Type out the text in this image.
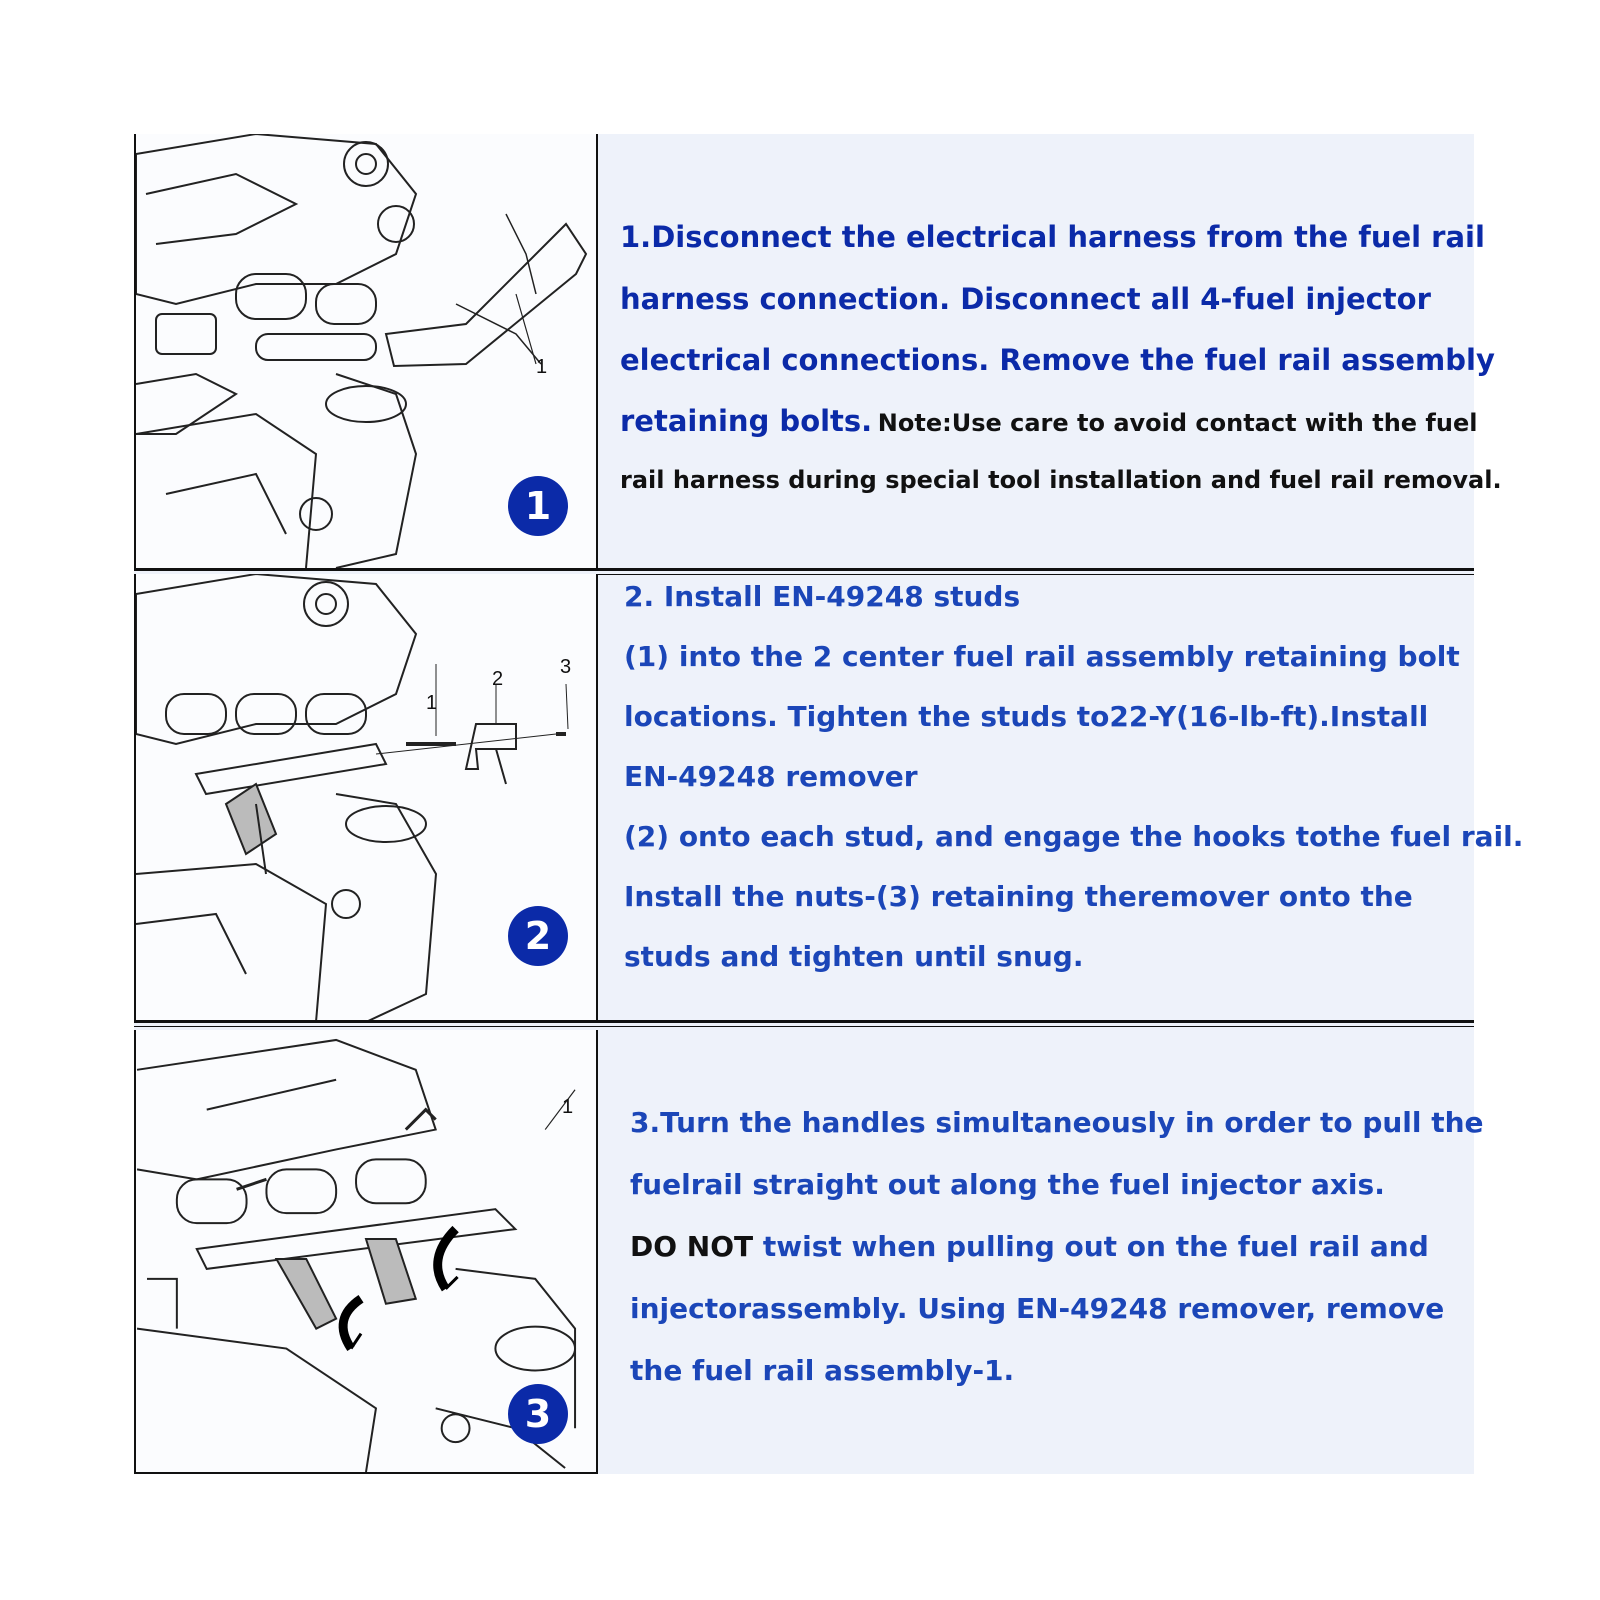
1
1
1.Disconnect the electrical harness from the fuel rail
harness connection. Disconnect all 4-fuel injector
electrical connections. Remove the fuel rail assembly
retaining bolts. Note:Use care to avoid contact with the fuel
rail harness during special tool installation and fuel rail removal.
1
2
3
2
2. Install EN-49248 studs
(1) into the 2 center fuel rail assembly retaining bolt
locations. Tighten the studs to22-Y(16-lb-ft).Install
EN-49248 remover
(2) onto each stud, and engage the hooks tothe fuel rail.
Install the nuts-(3) retaining theremover onto the
studs and tighten until snug.
1
3
3.Turn the handles simultaneously in order to pull the
fuelrail straight out along the fuel injector axis.
DO NOT twist when pulling out on the fuel rail and
injectorassembly. Using EN-49248 remover, remove
the fuel rail assembly-1.
